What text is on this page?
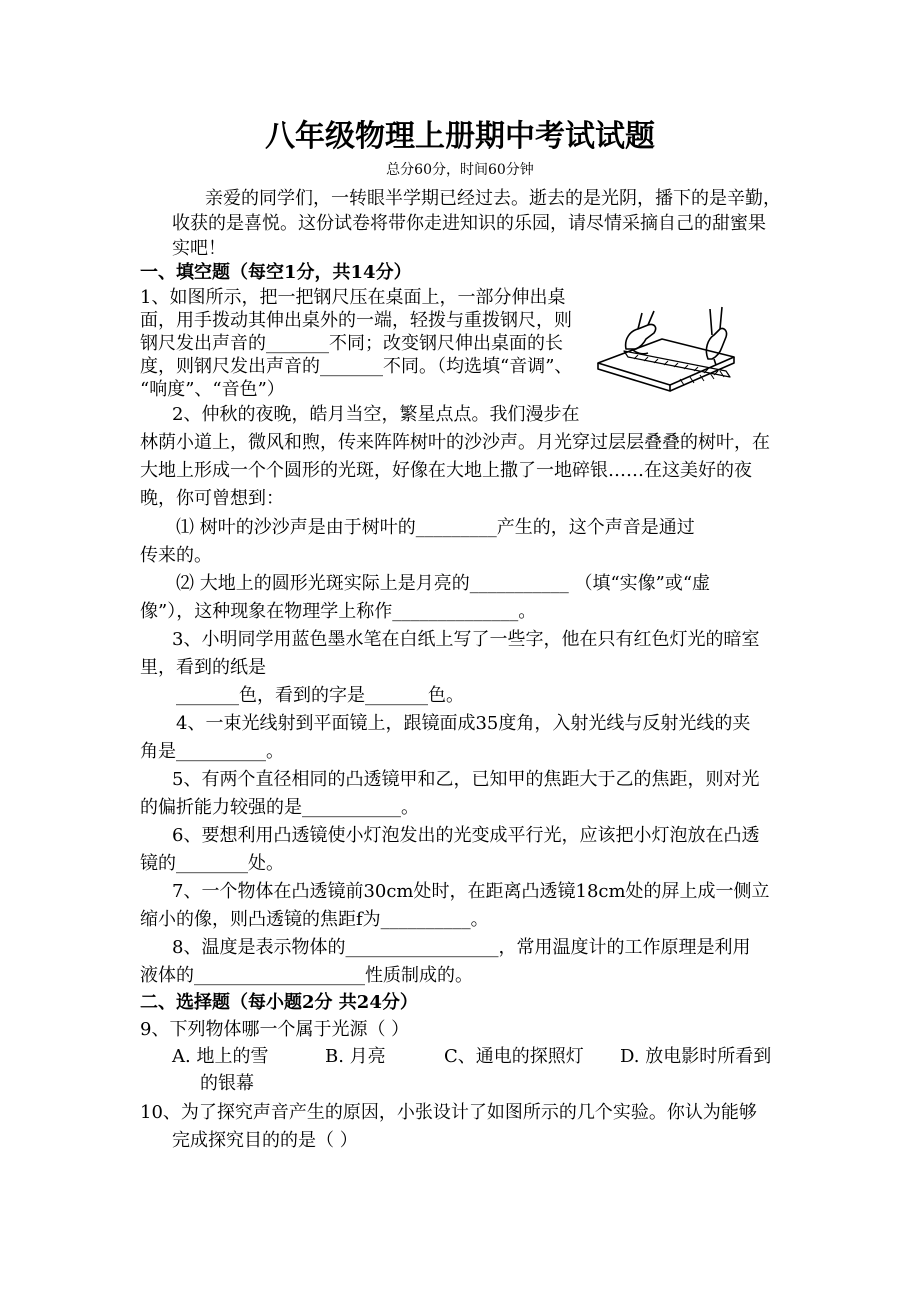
八年级物理上册期中考试试题
总分60分，时间60分钟
亲爱的同学们，一转眼半学期已经过去。逝去的是光阴，播下的是辛勤，
收获的是喜悦。这份试卷将带你走进知识的乐园，请尽情采摘自己的甜蜜果
实吧！
一、填空题（每空1分，共14分）
1、如图所示，把一把钢尺压在桌面上，一部分伸出桌
面，用手拨动其伸出桌外的一端，轻拨与重拨钢尺，则
钢尺发出声音的_______不同；改变钢尺伸出桌面的长
度，则钢尺发出声音的_______不同。（均选填“音调”、
“响度”、“音色”）
2、仲秋的夜晚，皓月当空，繁星点点。我们漫步在
林荫小道上，微风和煦，传来阵阵树叶的沙沙声。月光穿过层层叠叠的树叶，在
大地上形成一个个圆形的光斑，好像在大地上撒了一地碎银……在这美好的夜
晚，你可曾想到：
⑴ 树叶的沙沙声是由于树叶的_________产生的，这个声音是通过
传来的。
⑵ 大地上的圆形光斑实际上是月亮的___________ （填“实像”或“虚
像”），这种现象在物理学上称作______________。
3、小明同学用蓝色墨水笔在白纸上写了一些字，他在只有红色灯光的暗室
里，看到的纸是
_______色，看到的字是_______色。
4、一束光线射到平面镜上，跟镜面成35度角，入射光线与反射光线的夹
角是__________。
5、有两个直径相同的凸透镜甲和乙，已知甲的焦距大于乙的焦距，则对光
的偏折能力较强的是___________。
6、要想利用凸透镜使小灯泡发出的光变成平行光，应该把小灯泡放在凸透
镜的________处。
7、一个物体在凸透镜前30cm处时，在距离凸透镜18cm处的屏上成一侧立
缩小的像，则凸透镜的焦距f为__________。
8、温度是表示物体的_________________，常用温度计的工作原理是利用
液体的___________________性质制成的。
二、选择题（每小题2分 共24分）
9、下列物体哪一个属于光源（ ）
A. 地上的雪	B. 月亮	C、通电的探照灯 D. 放电影时所看到
的银幕
10、为了探究声音产生的原因，小张设计了如图所示的几个实验。你认为能够
完成探究目的的是（ ）
